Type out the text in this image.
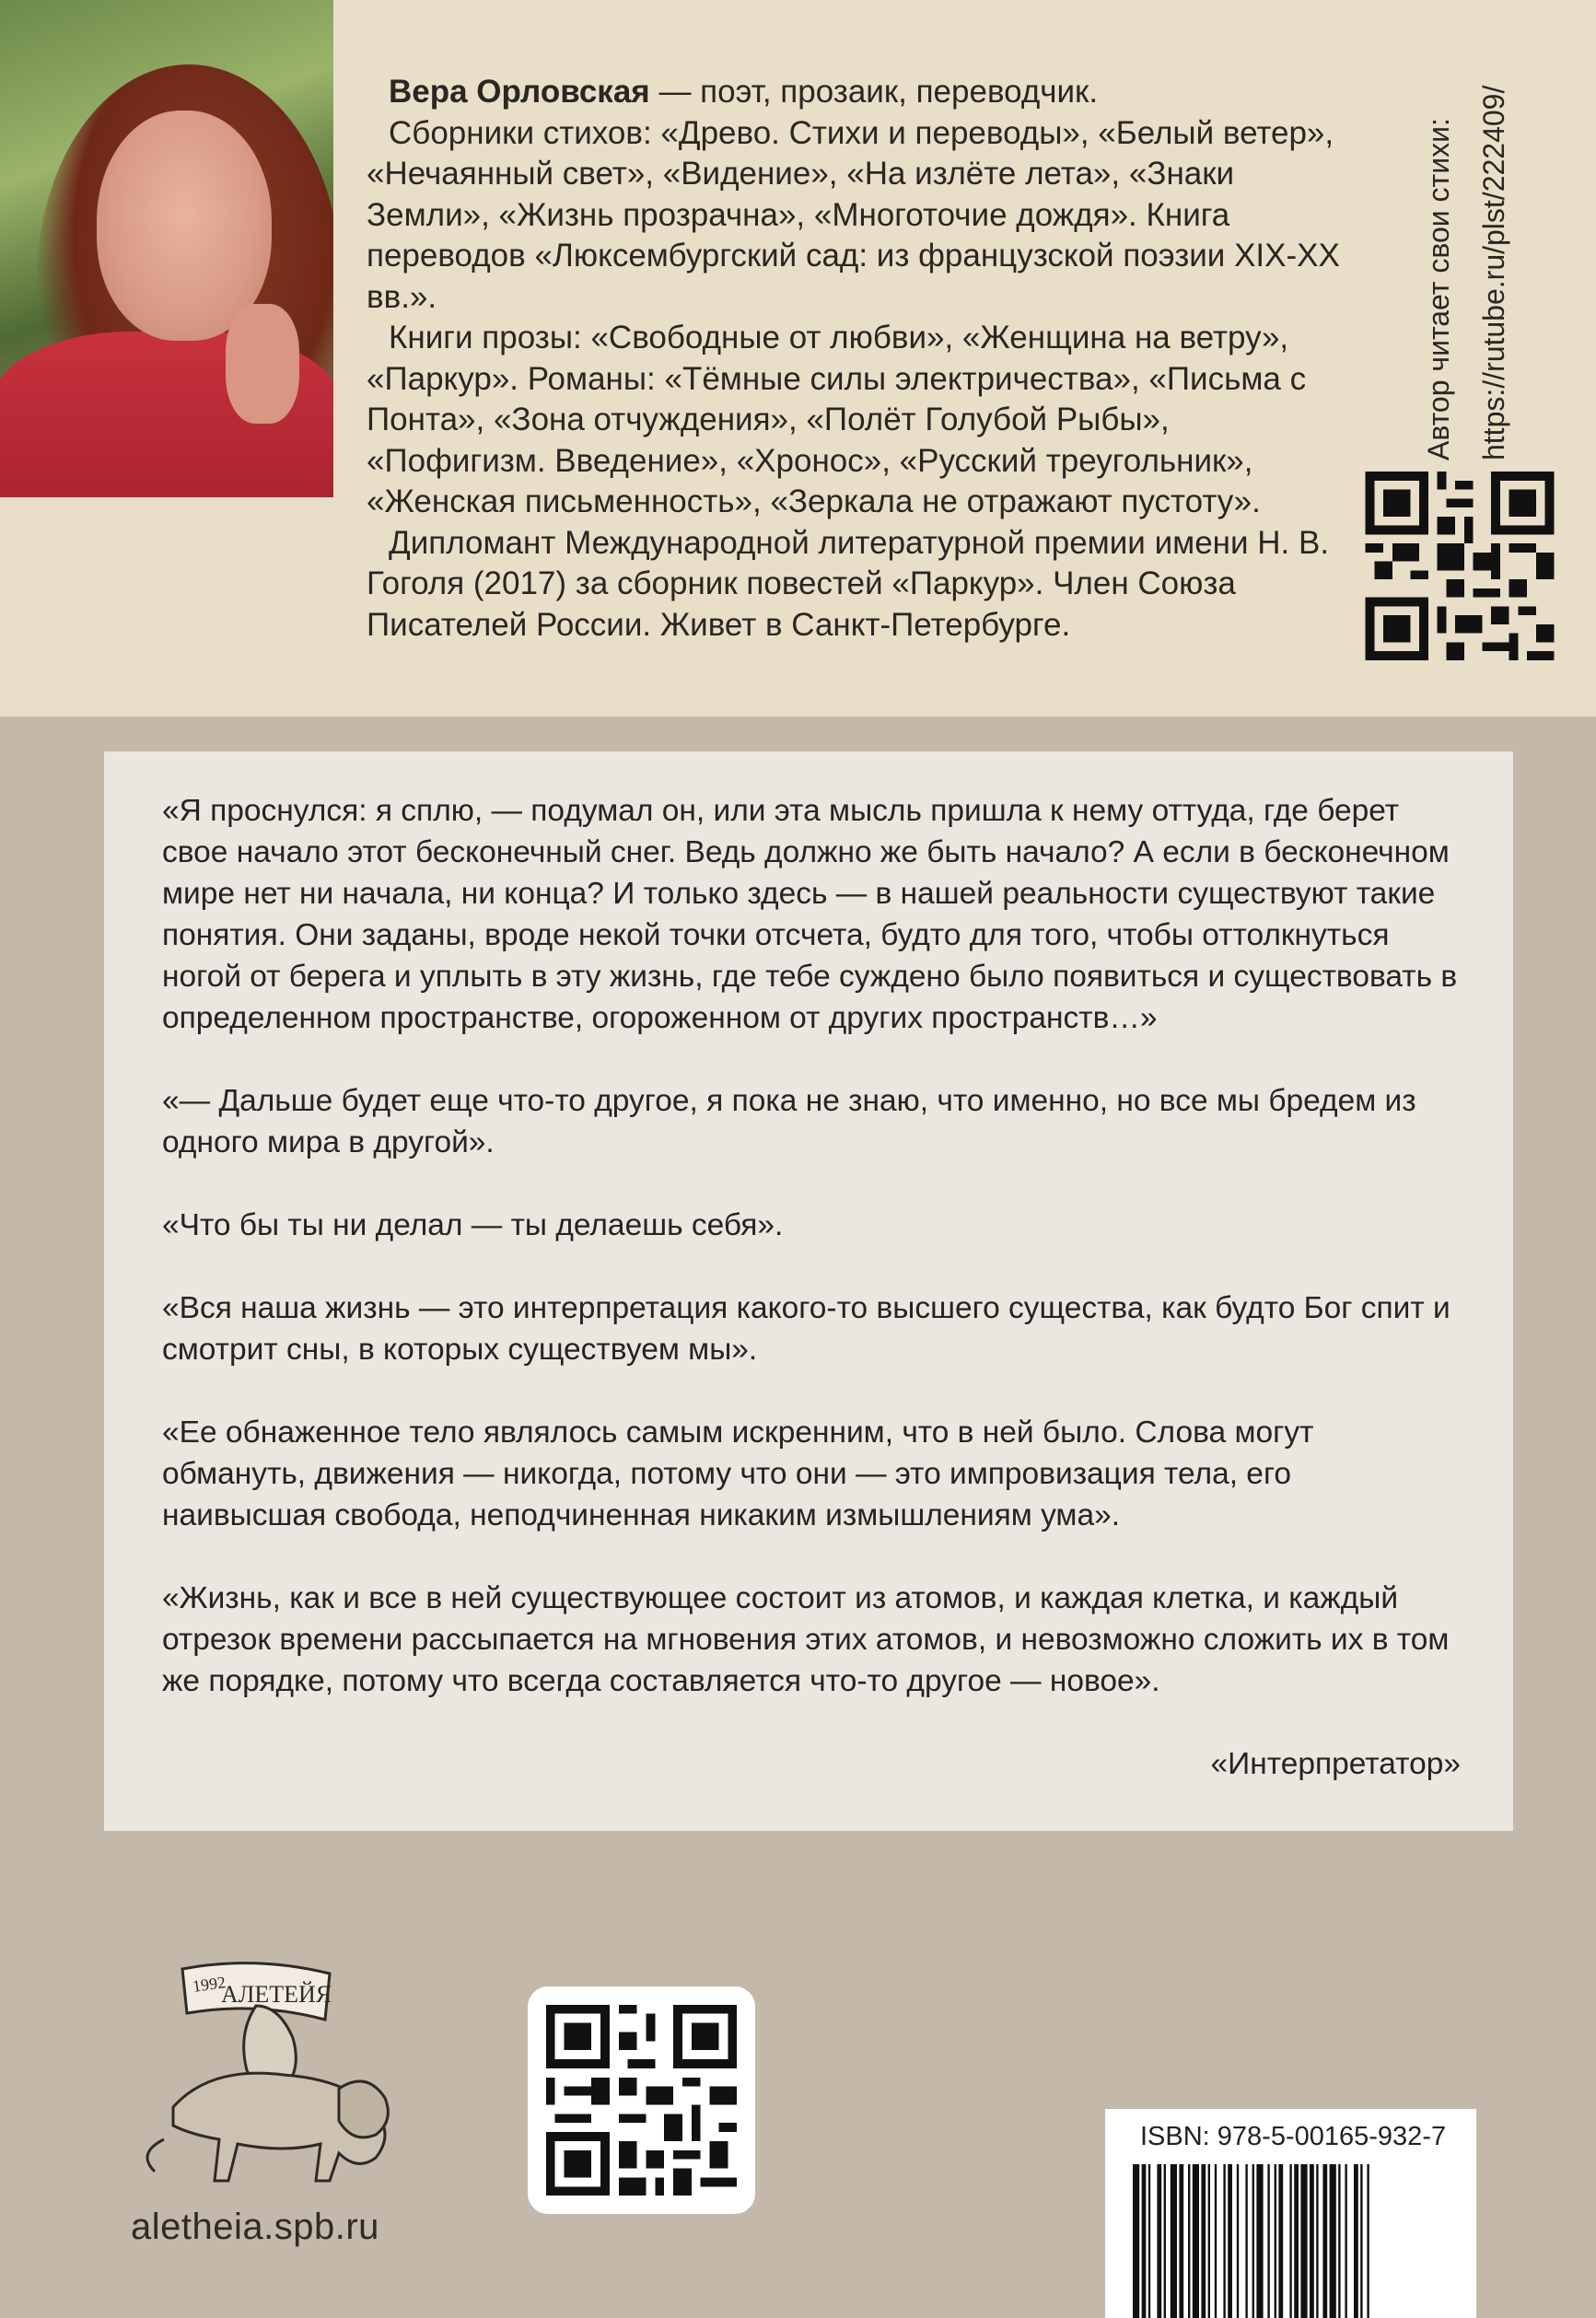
Вера Орловская — поэт, прозаик, переводчик.

Сборники стихов: «Древо. Стихи и переводы», «Белый ветер», «Нечаянный свет», «Видение», «На излёте лета», «Знаки Земли», «Жизнь прозрачна», «Многоточие дождя». Книга переводов «Люксембургский сад: из французской поэзии XIX-XX вв.».

Книги прозы: «Свободные от любви», «Женщина на ветру», «Паркур». Романы: «Тёмные силы электричества», «Письма с Понта», «Зона отчуждения», «Полёт Голубой Рыбы», «Пофигизм. Введение», «Хронос», «Русский треугольник», «Женская письменность», «Зеркала не отражают пустоту».

Дипломант Международной литературной премии имени Н. В. Гоголя (2017) за сборник повестей «Паркур». Член Союза Писателей России. Живет в Санкт-Петербурге.

Автор читает свои стихи: https://rutube.ru/plst/222409/

«Я проснулся: я сплю, — подумал он, или эта мысль пришла к нему оттуда, где берет свое начало этот бесконечный снег. Ведь должно же быть начало? А если в бесконечном мире нет ни начала, ни конца? И только здесь — в нашей реальности существуют такие понятия. Они заданы, вроде некой точки отсчета, будто для того, чтобы оттолкнуться ногой от берега и уплыть в эту жизнь, где тебе суждено было появиться и существовать в определенном пространстве, огороженном от других пространств…»

«— Дальше будет еще что-то другое, я пока не знаю, что именно, но все мы бредем из одного мира в другой».

«Что бы ты ни делал — ты делаешь себя».

«Вся наша жизнь — это интерпретация какого-то высшего существа, как будто Бог спит и смотрит сны, в которых существуем мы».

«Ее обнаженное тело являлось самым искренним, что в ней было. Слова могут обмануть, движения — никогда, потому что они — это импровизация тела, его наивысшая свобода, неподчиненная никаким измышлениям ума».

«Жизнь, как и все в ней существующее состоит из атомов, и каждая клетка, и каждый отрезок времени рассыпается на мгновения этих атомов, и невозможно сложить их в том же порядке, потому что всегда составляется что-то другое — новое».

«Интерпретатор»

1992
АЛЕТЕЙЯ
aletheia.spb.ru
ISBN: 978-5-00165-932-7
